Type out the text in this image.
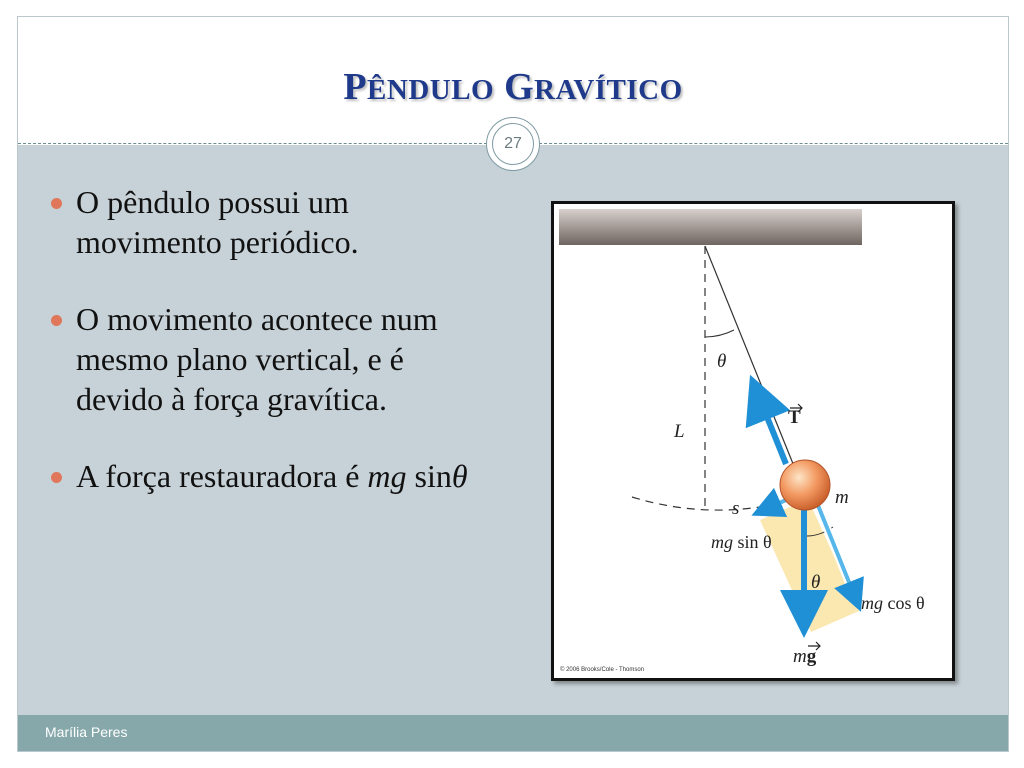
PÊNDULO GRAVÍTICO
27
O pêndulo possui um movimento periódico.
O movimento acontece num mesmo plano vertical, e é devido à força gravítica.
A força restauradora é mg sinθ
θ
L
m
s
θ
T
mg sin θ
mg cos θ
mg
© 2006 Brooks/Cole - Thomson
Marília Peres
